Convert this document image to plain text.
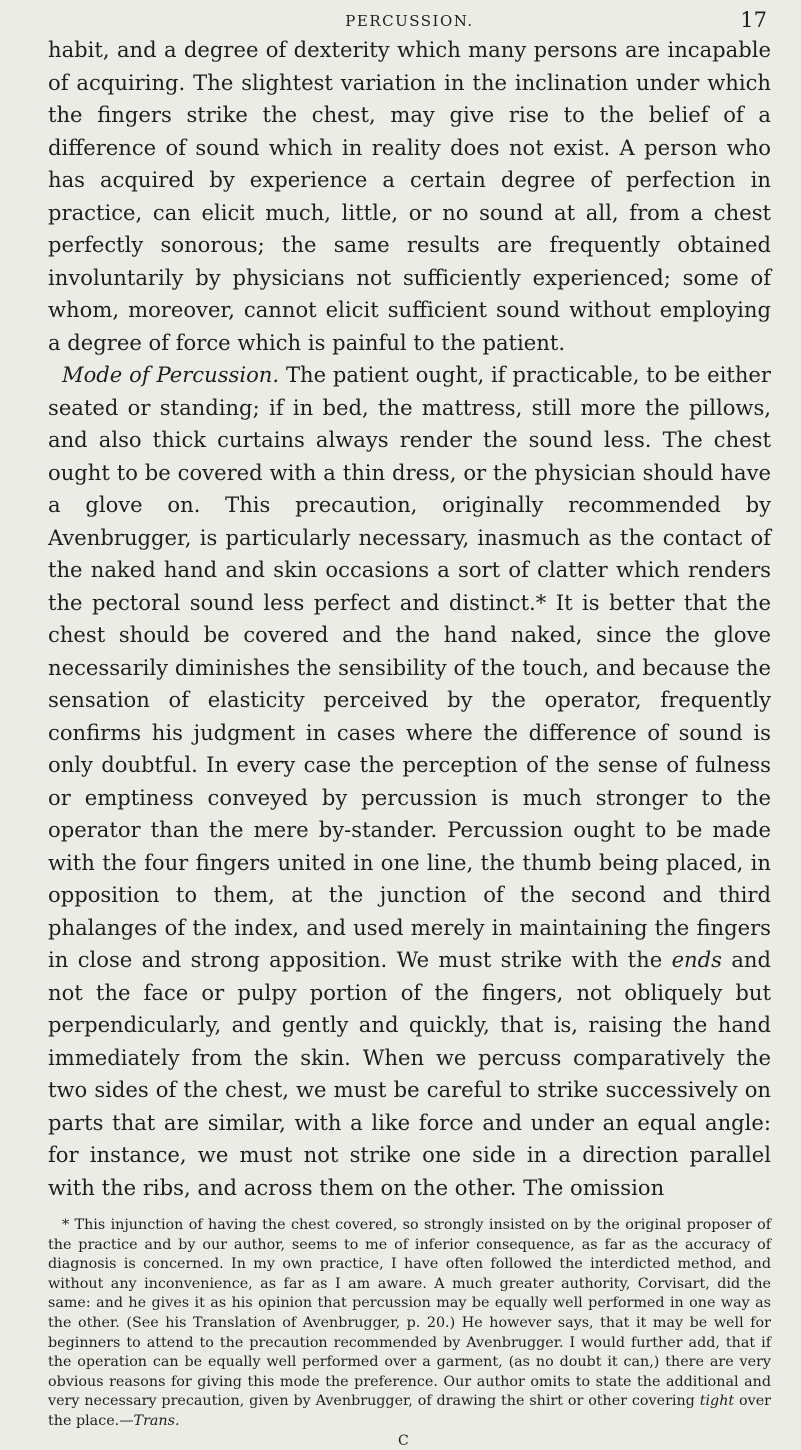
PERCUSSION.	17

habit, and a degree of dexterity which many persons are incapable of acquiring. The slightest variation in the inclination under which the fingers strike the chest, may give rise to the belief of a difference of sound which in reality does not exist. A person who has acquired by experience a certain degree of perfection in practice, can elicit much, little, or no sound at all, from a chest perfectly sonorous; the same results are frequently obtained involuntarily by physicians not sufficiently experienced; some of whom, moreover, cannot elicit sufficient sound without employing a degree of force which is painful to the patient.

Mode of Percussion. The patient ought, if practicable, to be either seated or standing; if in bed, the mattress, still more the pillows, and also thick curtains always render the sound less. The chest ought to be covered with a thin dress, or the physician should have a glove on. This precaution, originally recommended by Avenbrugger, is particularly necessary, inasmuch as the contact of the naked hand and skin occasions a sort of clatter which renders the pectoral sound less perfect and distinct.* It is better that the chest should be covered and the hand naked, since the glove necessarily diminishes the sensibility of the touch, and because the sensation of elasticity perceived by the operator, frequently confirms his judgment in cases where the difference of sound is only doubtful. In every case the perception of the sense of fulness or emptiness conveyed by percussion is much stronger to the operator than the mere by-stander. Percussion ought to be made with the four fingers united in one line, the thumb being placed, in opposition to them, at the junction of the second and third phalanges of the index, and used merely in maintaining the fingers in close and strong apposition. We must strike with the ends and not the face or pulpy portion of the fingers, not obliquely but perpendicularly, and gently and quickly, that is, raising the hand immediately from the skin. When we percuss comparatively the two sides of the chest, we must be careful to strike successively on parts that are similar, with a like force and under an equal angle: for instance, we must not strike one side in a direction parallel with the ribs, and across them on the other. The omission

* This injunction of having the chest covered, so strongly insisted on by the original proposer of the practice and by our author, seems to me of inferior consequence, as far as the accuracy of diagnosis is concerned. In my own practice, I have often followed the interdicted method, and without any inconvenience, as far as I am aware. A much greater authority, Corvisart, did the same: and he gives it as his opinion that percussion may be equally well performed in one way as the other. (See his Translation of Avenbrugger, p. 20.) He however says, that it may be well for beginners to attend to the precaution recommended by Avenbrugger. I would further add, that if the operation can be equally well performed over a garment, (as no doubt it can,) there are very obvious reasons for giving this mode the preference. Our author omits to state the additional and very necessary precaution, given by Avenbrugger, of drawing the shirt or other covering tight over the place.—Trans.

C
